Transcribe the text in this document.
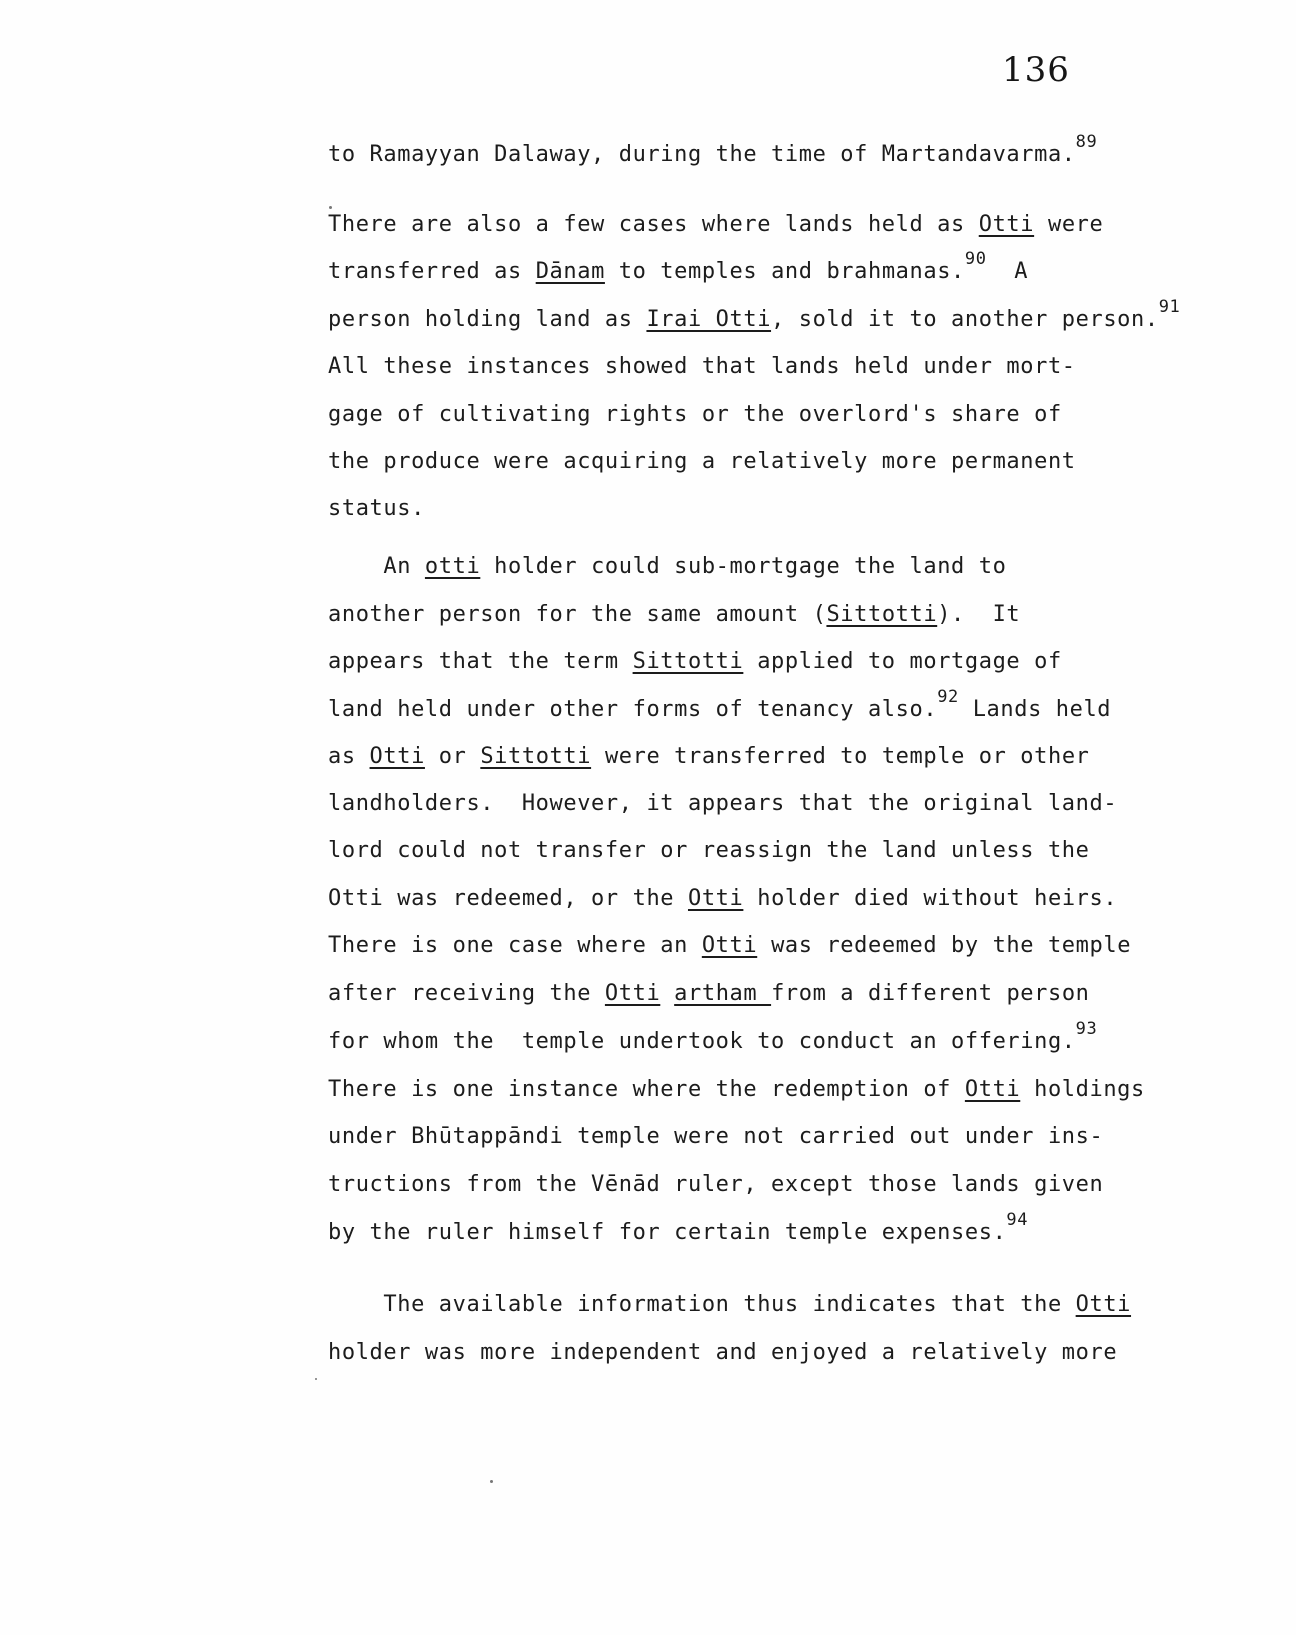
136
to Ramayyan Dalaway, during the time of Martandavarma.$^{89}$
There are also a few cases where lands held as Otti were
transferred as Dānam to temples and brahmanas.$^{90}$  A
person holding land as Irai Otti, sold it to another person.$^{91}$
All these instances showed that lands held under mort-
gage of cultivating rights or the overlord's share of
the produce were acquiring a relatively more permanent
status.
An otti holder could sub-mortgage the land to
another person for the same amount (Sittotti).  It
appears that the term Sittotti applied to mortgage of
land held under other forms of tenancy also.$^{92}$ Lands held
as Otti or Sittotti were transferred to temple or other
landholders.  However, it appears that the original land-
lord could not transfer or reassign the land unless the
Otti was redeemed, or the Otti holder died without heirs.
There is one case where an Otti was redeemed by the temple
after receiving the Otti artham from a different person
for whom the  temple undertook to conduct an offering.$^{93}$
There is one instance where the redemption of Otti holdings
under Bhūtappāndi temple were not carried out under ins-
tructions from the Vēnād ruler, except those lands given
by the ruler himself for certain temple expenses.$^{94}$
The available information thus indicates that the Otti
holder was more independent and enjoyed a relatively more
